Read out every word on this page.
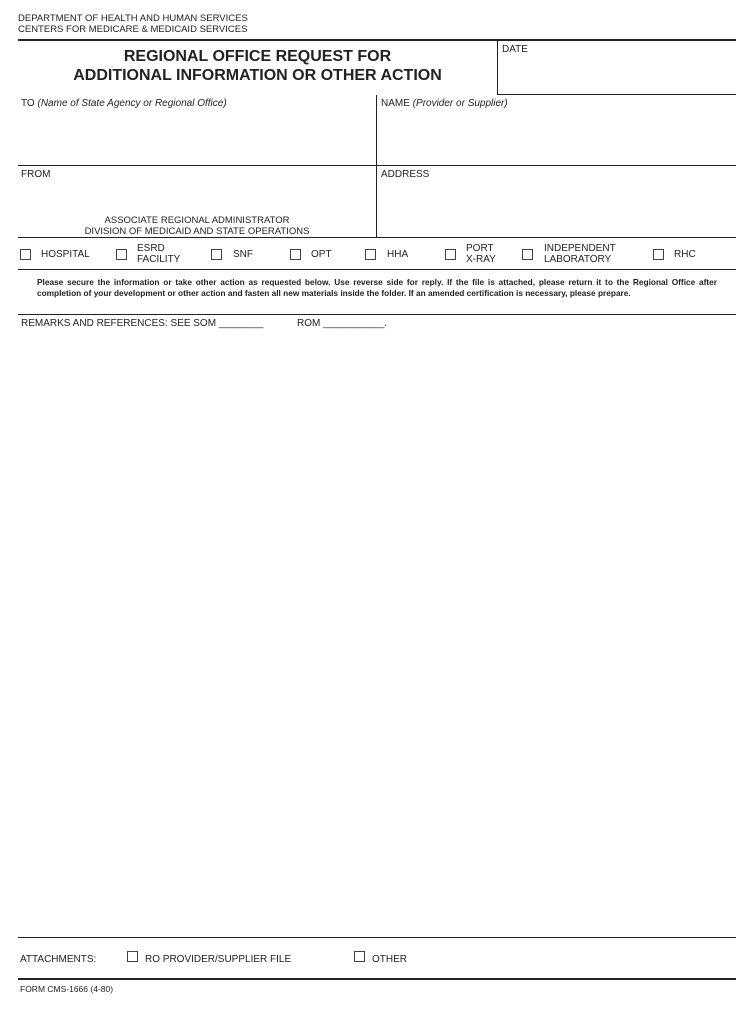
DEPARTMENT OF HEALTH AND HUMAN SERVICES
CENTERS FOR MEDICARE & MEDICAID SERVICES
REGIONAL OFFICE REQUEST FOR
ADDITIONAL INFORMATION OR OTHER ACTION
DATE
TO (Name of State Agency or Regional Office)	NAME (Provider or Supplier)
FROM
ASSOCIATE REGIONAL ADMINISTRATOR
DIVISION OF MEDICAID AND STATE OPERATIONS
ADDRESS
HOSPITAL
ESRD
FACILITY	SNF	OPT	HHA
PORT
X-RAY
INDEPENDENT
LABORATORY	RHC
Please secure the information or take other action as requested below. Use reverse side for reply. If the file is attached, please return it to the Regional Office after completion of your development or other action and fasten all new materials inside the folder. If an amended certification is necessary, please prepare.
REMARKS AND REFERENCES: SEE SOM ________	ROM ___________.
ATTACHMENTS:	RO PROVIDER/SUPPLIER FILE	OTHER
FORM CMS-1666 (4-80)
